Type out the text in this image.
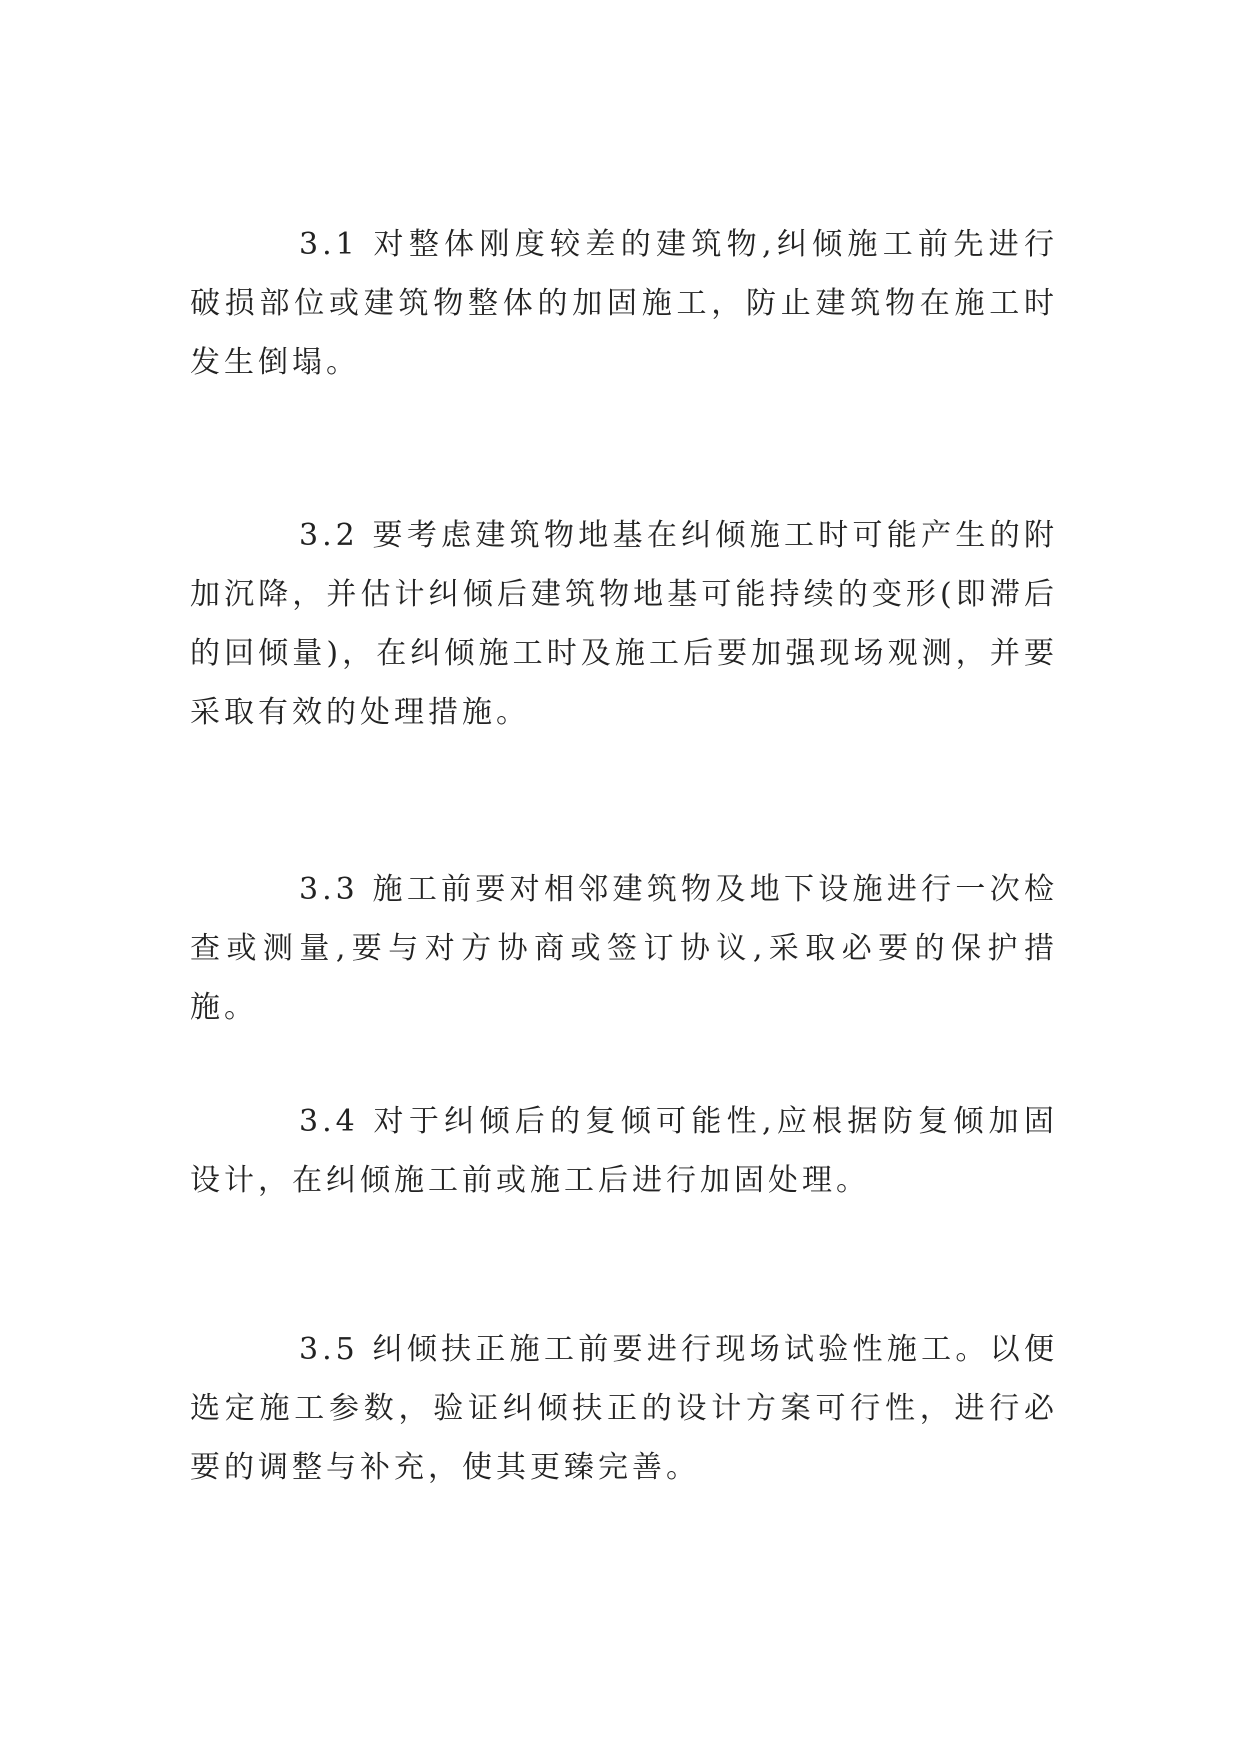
3.1 对整体刚度较差的建筑物,纠倾施工前先进行破损部位或建筑物整体的加固施工，防止建筑物在施工时发生倒塌。

3.2 要考虑建筑物地基在纠倾施工时可能产生的附加沉降，并估计纠倾后建筑物地基可能持续的变形(即滞后的回倾量)，在纠倾施工时及施工后要加强现场观测，并要采取有效的处理措施。

3.3 施工前要对相邻建筑物及地下设施进行一次检查或测量,要与对方协商或签订协议,采取必要的保护措施。

3.4 对于纠倾后的复倾可能性,应根据防复倾加固设计，在纠倾施工前或施工后进行加固处理。

3.5 纠倾扶正施工前要进行现场试验性施工。以便选定施工参数，验证纠倾扶正的设计方案可行性，进行必要的调整与补充，使其更臻完善。
